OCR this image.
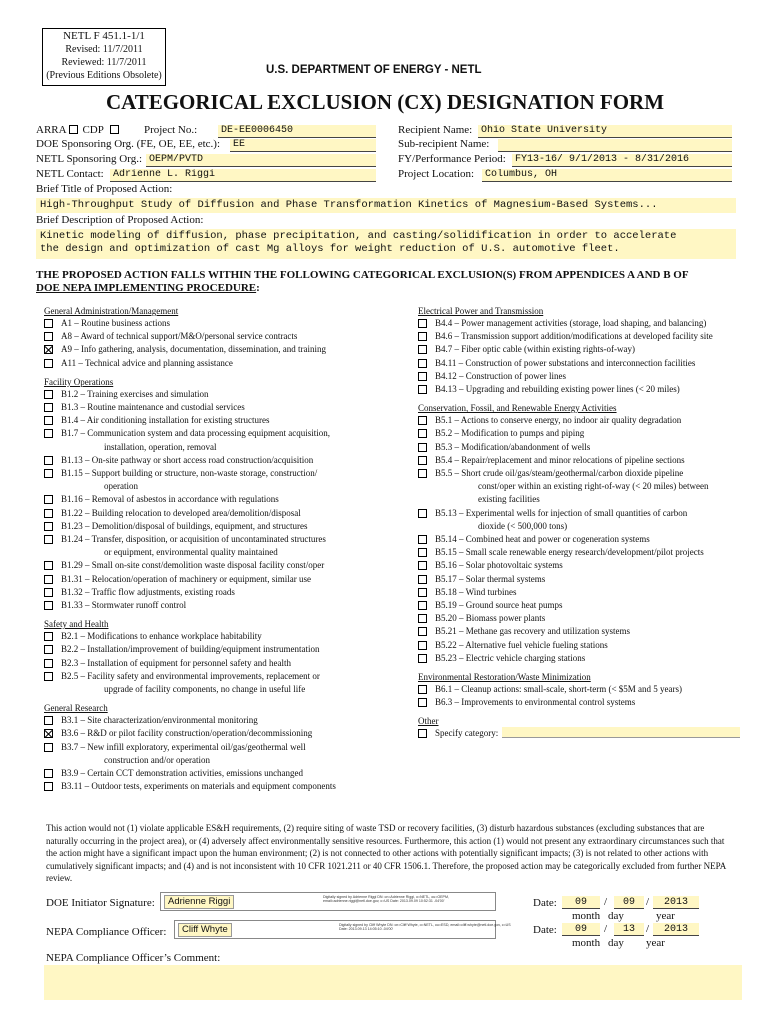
NETL F 451.1-1/1
Revised: 11/7/2011
Reviewed: 11/7/2011
(Previous Editions Obsolete)	U.S. DEPARTMENT OF ENERGY - NETL
CATEGORICAL EXCLUSION (CX) DESIGNATION FORM
ARRA CDP	Project No.:	DE-EE0006450
DOE Sponsoring Org. (FE, OE, EE, etc.):	EE
NETL Sponsoring Org.: OEPM/PVTD
NETL Contact: Adrienne L. Riggi
Recipient Name: Ohio State University
Sub-recipient Name:
FY/Performance Period: FY13-16/ 9/1/2013 - 8/31/2016
Project Location:	Columbus, OH
Brief Title of Proposed Action:
High-Throughput Study of Diffusion and Phase Transformation Kinetics of Magnesium-Based Systems...
Brief Description of Proposed Action:
Kinetic modeling of diffusion, phase precipitation, and casting/solidification in order to accelerate
the design and optimization of cast Mg alloys for weight reduction of U.S. automotive fleet.
THE PROPOSED ACTION FALLS WITHIN THE FOLLOWING CATEGORICAL EXCLUSION(S) FROM APPENDICES A AND B OF
DOE NEPA IMPLEMENTING PROCEDURE:
General Administration/Management
A1 – Routine business actions
A8 – Award of technical support/M&O/personal service contracts
A9 – Info gathering, analysis, documentation, dissemination, and training
A11 – Technical advice and planning assistance
Facility Operations
B1.2 – Training exercises and simulation
B1.3 – Routine maintenance and custodial services
B1.4 – Air conditioning installation for existing structures
B1.7 – Communication system and data processing equipment acquisition,
installation, operation, removal
B1.13 – On-site pathway or short access road construction/acquisition
B1.15 – Support building or structure, non-waste storage, construction/
operation
B1.16 – Removal of asbestos in accordance with regulations
B1.22 – Building relocation to developed area/demolition/disposal
B1.23 – Demolition/disposal of buildings, equipment, and structures
B1.24 – Transfer, disposition, or acquisition of uncontaminated structures
or equipment, environmental quality maintained
B1.29 – Small on-site const/demolition waste disposal facility const/oper
B1.31 – Relocation/operation of machinery or equipment, similar use
B1.32 – Traffic flow adjustments, existing roads
B1.33 – Stormwater runoff control
Safety and Health
B2.1 – Modifications to enhance workplace habitability
B2.2 – Installation/improvement of building/equipment instrumentation
B2.3 – Installation of equipment for personnel safety and health
B2.5 – Facility safety and environmental improvements, replacement or
upgrade of facility components, no change in useful life
General Research
B3.1 – Site characterization/environmental monitoring
B3.6 – R&D or pilot facility construction/operation/decommissioning
B3.7 – New infill exploratory, experimental oil/gas/geothermal well
construction and/or operation
B3.9 – Certain CCT demonstration activities, emissions unchanged
B3.11 – Outdoor tests, experiments on materials and equipment components
Electrical Power and Transmission
B4.4 – Power management activities (storage, load shaping, and balancing)
B4.6 – Transmission support addition/modifications at developed facility site
B4.7 – Fiber optic cable (within existing rights-of-way)
B4.11 – Construction of power substations and interconnection facilities
B4.12 – Construction of power lines
B4.13 – Upgrading and rebuilding existing power lines (< 20 miles)
Conservation, Fossil, and Renewable Energy Activities
B5.1 – Actions to conserve energy, no indoor air quality degradation
B5.2 – Modification to pumps and piping
B5.3 – Modification/abandonment of wells
B5.4 – Repair/replacement and minor relocations of pipeline sections
B5.5 – Short crude oil/gas/steam/geothermal/carbon dioxide pipeline
const/oper within an existing right-of-way (< 20 miles) between
existing facilities
B5.13 – Experimental wells for injection of small quantities of carbon
dioxide (< 500,000 tons)
B5.14 – Combined heat and power or cogeneration systems
B5.15 – Small scale renewable energy research/development/pilot projects
B5.16 – Solar photovoltaic systems
B5.17 – Solar thermal systems
B5.18 – Wind turbines
B5.19 – Ground source heat pumps
B5.20 – Biomass power plants
B5.21 – Methane gas recovery and utilization systems
B5.22 – Alternative fuel vehicle fueling stations
B5.23 – Electric vehicle charging stations
Environmental Restoration/Waste Minimization
B6.1 – Cleanup actions: small-scale, short-term (< $5M and 5 years)
B6.3 – Improvements to environmental control systems
Other
Specify category:
This action would not (1) violate applicable ES&H requirements, (2) require siting of waste TSD or recovery facilities, (3) disturb hazardous substances (excluding substances that are naturally occurring in the project area), or (4) adversely affect environmentally sensitive resources. Furthermore, this action (1) would not present any extraordinary circumstances such that the action might have a significant impact upon the human environment; (2) is not connected to other actions with potentially significant impacts; (3) is not related to other actions with cumulatively significant impacts; and (4) and is not inconsistent with 10 CFR 1021.211 or 40 CFR 1506.1. Therefore, the proposed action may be categorically excluded from further NEPA review.
DOE Initiator Signature:	Adrienne Riggi	Digitally signed by Adrienne Riggi DN: cn=Adrienne Riggi, o=NETL, ou=OEPM, email=adrienne.riggi@netl.doe.gov, c=US Date: 2013.09.09 10:52:31 -04'00'
NEPA Compliance Officer:	Cliff Whyte	Digitally signed by Cliff Whyte DN: cn=Cliff Whyte, o=NETL, ou=ESD, email=cliff.whyte@netl.doe.gov, c=US Date: 2013.09.13 14:05:10 -04'00'
Date:	09	/	09	/	2013
month day	year
Date:	09	/	13	/	2013
month day year
NEPA Compliance Officer’s Comment:
